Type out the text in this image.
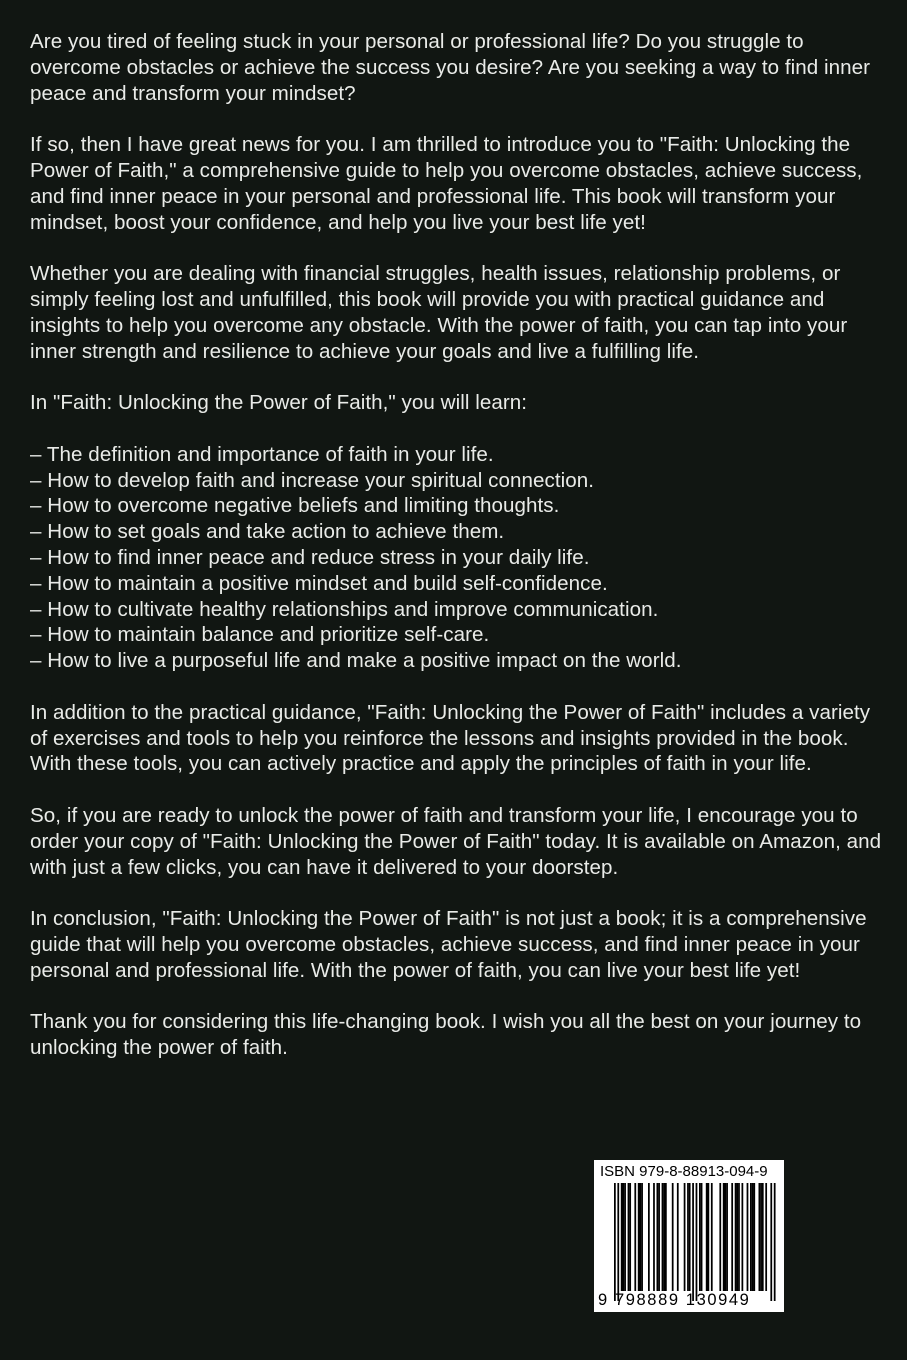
Are you tired of feeling stuck in your personal or professional life? Do you struggle to overcome obstacles or achieve the success you desire? Are you seeking a way to find inner peace and transform your mindset?

If so, then I have great news for you. I am thrilled to introduce you to "Faith: Unlocking the Power of Faith," a comprehensive guide to help you overcome obstacles, achieve success, and find inner peace in your personal and professional life. This book will transform your mindset, boost your confidence, and help you live your best life yet!

Whether you are dealing with financial struggles, health issues, relationship problems, or simply feeling lost and unfulfilled, this book will provide you with practical guidance and insights to help you overcome any obstacle. With the power of faith, you can tap into your inner strength and resilience to achieve your goals and live a fulfilling life.

In "Faith: Unlocking the Power of Faith," you will learn:

– The definition and importance of faith in your life.
– How to develop faith and increase your spiritual connection.
– How to overcome negative beliefs and limiting thoughts.
– How to set goals and take action to achieve them.
– How to find inner peace and reduce stress in your daily life.
– How to maintain a positive mindset and build self-confidence.
– How to cultivate healthy relationships and improve communication.
– How to maintain balance and prioritize self-care.
– How to live a purposeful life and make a positive impact on the world.

In addition to the practical guidance, "Faith: Unlocking the Power of Faith" includes a variety of exercises and tools to help you reinforce the lessons and insights provided in the book. With these tools, you can actively practice and apply the principles of faith in your life.

So, if you are ready to unlock the power of faith and transform your life, I encourage you to order your copy of "Faith: Unlocking the Power of Faith" today. It is available on Amazon, and with just a few clicks, you can have it delivered to your doorstep.

In conclusion, "Faith: Unlocking the Power of Faith" is not just a book; it is a comprehensive guide that will help you overcome obstacles, achieve success, and find inner peace in your personal and professional life. With the power of faith, you can live your best life yet!

Thank you for considering this life-changing book. I wish you all the best on your journey to unlocking the power of faith.

ISBN 979-8-88913-094-9
9 798889 130949
